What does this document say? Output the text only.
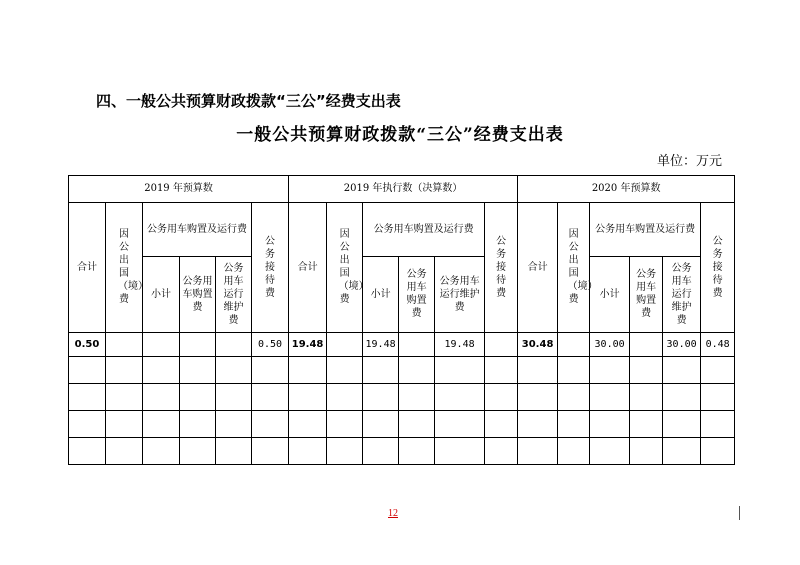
四、一般公共预算财政拨款“三公”经费支出表
一般公共预算财政拨款“三公”经费支出表
单位：万元
2019 年预算数						2019 年执行数（决算数）						2020 年预算数					
合计	因公出国（境）费	公务用车购置及运行费			公务接待费	合计	因公出国（境）费	公务用车购置及运行费			公务接待费	合计	因公出国（境）费	公务用车购置及运行费			公务接待费
		小计	公务用车购置费	公务用车运行维护费				小计	公务用车购置费	公务用车运行维护费				小计	公务用车购置费	公务用车运行维护费	
0.50					0.50	19.48		19.48		19.48		30.48		30.00		30.00	0.48

12
